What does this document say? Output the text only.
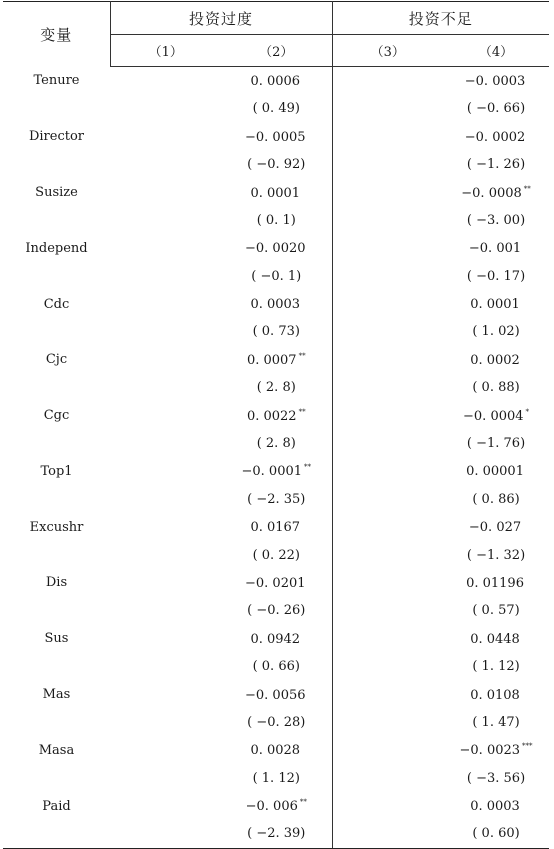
变量	投资过度		投资不足	
	（1）	（2）	（3）	（4）
Tenure		0. 0006		−0. 0003
		( 0. 49)		( −0. 66)
Director		−0. 0005		−0. 0002
		( −0. 92)		( −1. 26)
Susize		0. 0001		−0. 0008 **
		( 0. 1)		( −3. 00)
Independ		−0. 0020		−0. 001
		( −0. 1)		( −0. 17)
Cdc		0. 0003		0. 0001
		( 0. 73)		( 1. 02)
Cjc		0. 0007 **		0. 0002
		( 2. 8)		( 0. 88)
Cgc		0. 0022 **		−0. 0004 *
		( 2. 8)		( −1. 76)
Top1		−0. 0001 **		0. 00001
		( −2. 35)		( 0. 86)
Excushr		0. 0167		−0. 027
		( 0. 22)		( −1. 32)
Dis		−0. 0201		0. 01196
		( −0. 26)		( 0. 57)
Sus		0. 0942		0. 0448
		( 0. 66)		( 1. 12)
Mas		−0. 0056		0. 0108
		( −0. 28)		( 1. 47)
Masa		0. 0028		−0. 0023 ***
		( 1. 12)		( −3. 56)
Paid		−0. 006 **		0. 0003
		( −2. 39)		( 0. 60)
